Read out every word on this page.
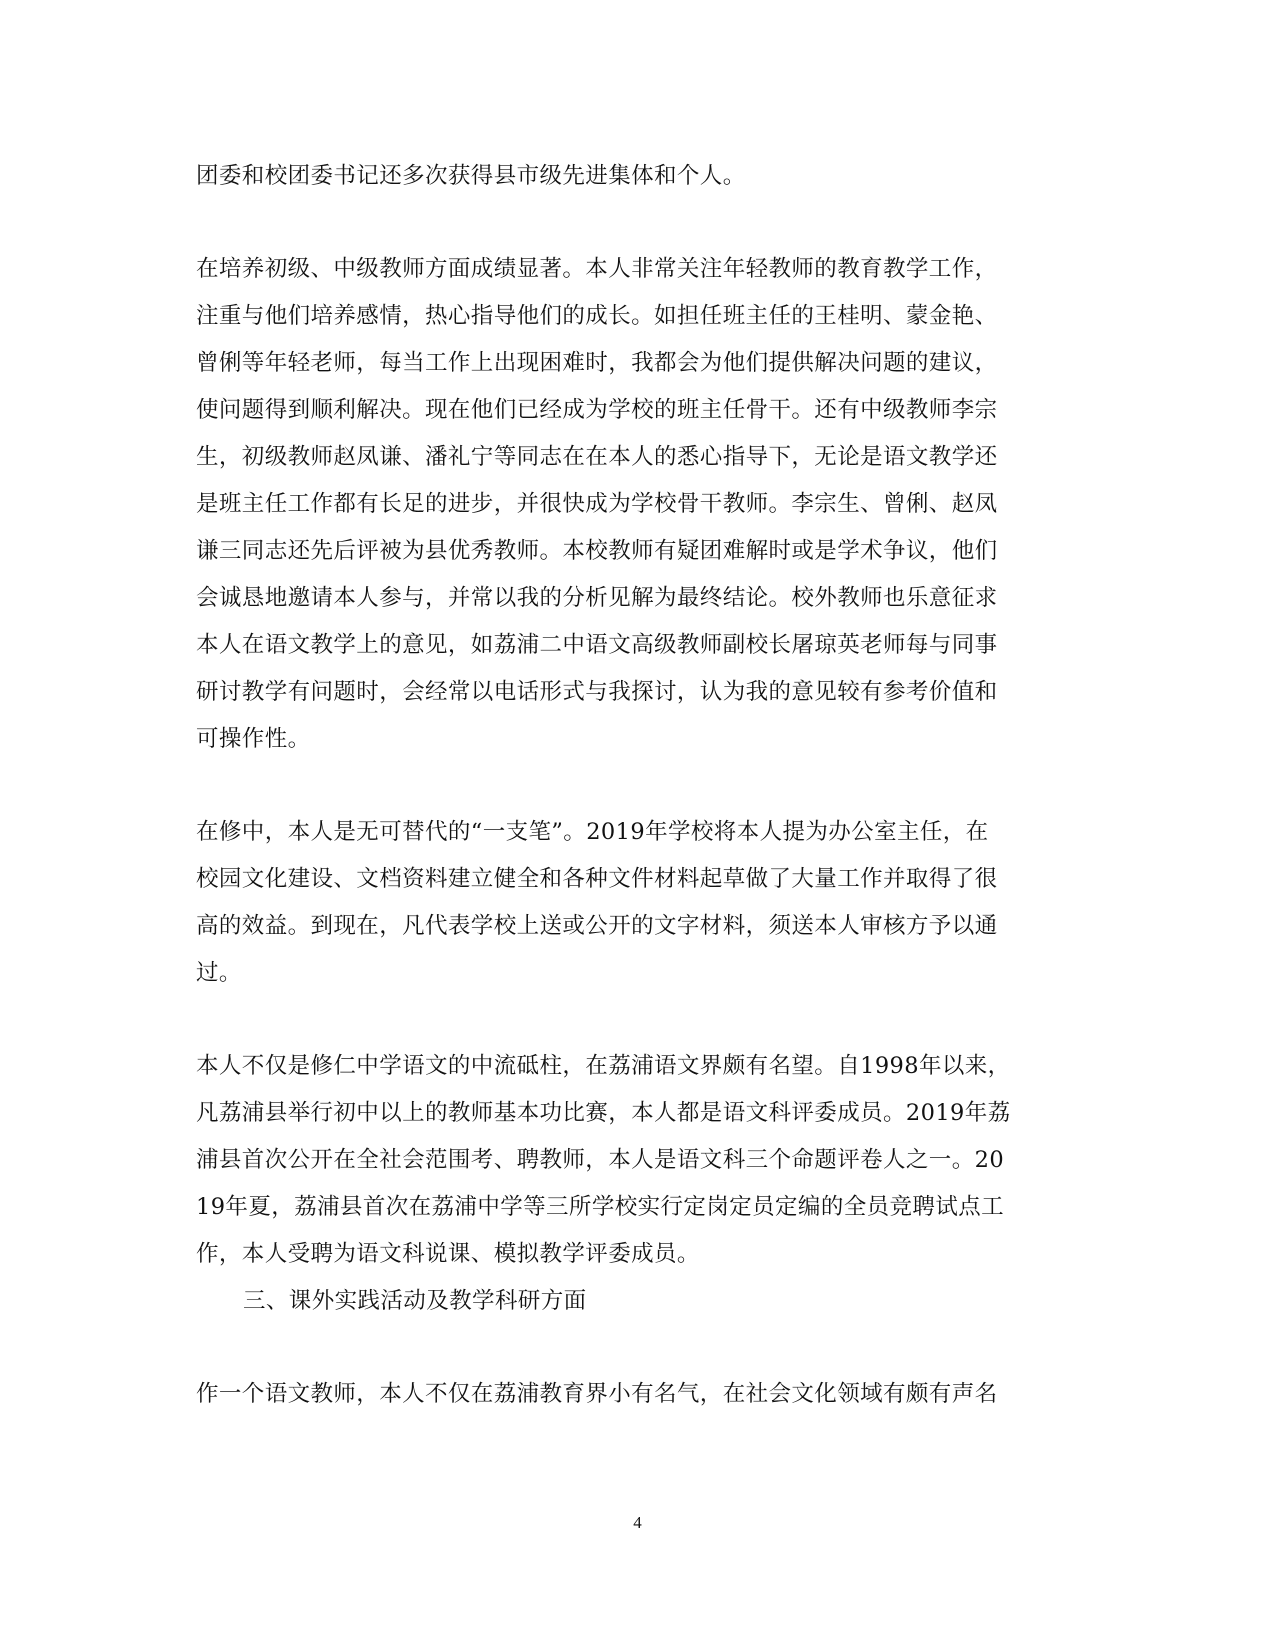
团委和校团委书记还多次获得县市级先进集体和个人。
在培养初级、中级教师方面成绩显著。本人非常关注年轻教师的教育教学工作，
注重与他们培养感情，热心指导他们的成长。如担任班主任的王桂明、蒙金艳、
曾俐等年轻老师，每当工作上出现困难时，我都会为他们提供解决问题的建议，
使问题得到顺利解决。现在他们已经成为学校的班主任骨干。还有中级教师李宗
生，初级教师赵凤谦、潘礼宁等同志在在本人的悉心指导下，无论是语文教学还
是班主任工作都有长足的进步，并很快成为学校骨干教师。李宗生、曾俐、赵凤
谦三同志还先后评被为县优秀教师。本校教师有疑团难解时或是学术争议，他们
会诚恳地邀请本人参与，并常以我的分析见解为最终结论。校外教师也乐意征求
本人在语文教学上的意见，如荔浦二中语文高级教师副校长屠琼英老师每与同事
研讨教学有问题时，会经常以电话形式与我探讨，认为我的意见较有参考价值和
可操作性。
在修中，本人是无可替代的“一支笔”。2019年学校将本人提为办公室主任，在
校园文化建设、文档资料建立健全和各种文件材料起草做了大量工作并取得了很
高的效益。到现在，凡代表学校上送或公开的文字材料，须送本人审核方予以通
过。
本人不仅是修仁中学语文的中流砥柱，在荔浦语文界颇有名望。自1998年以来，
凡荔浦县举行初中以上的教师基本功比赛，本人都是语文科评委成员。2019年荔
浦县首次公开在全社会范围考、聘教师，本人是语文科三个命题评卷人之一。20
19年夏，荔浦县首次在荔浦中学等三所学校实行定岗定员定编的全员竞聘试点工
作，本人受聘为语文科说课、模拟教学评委成员。
三、课外实践活动及教学科研方面
作一个语文教师，本人不仅在荔浦教育界小有名气，在社会文化领域有颇有声名
4
